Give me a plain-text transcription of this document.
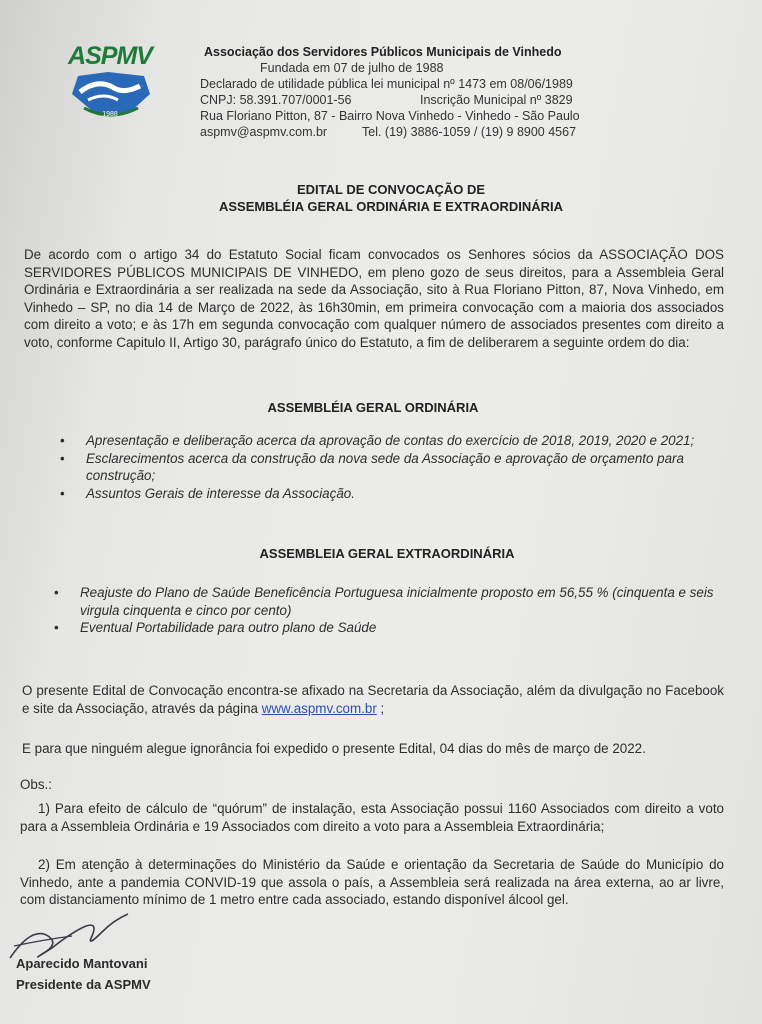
1988
ASPMV	Associação dos Servidores Públicos Municipais de Vinhedo
Fundada em 07 de julho de 1988
Declarado de utilidade pública lei municipal nº 1473 em 08/06/1989
CNPJ: 58.391.707/0001-56	Inscrição Municipal nº 3829
Rua Floriano Pitton, 87 - Bairro Nova Vinhedo - Vinhedo - São Paulo
aspmv@aspmv.com.br	Tel. (19) 3886-1059 / (19) 9 8900 4567
EDITAL DE CONVOCAÇÃO DE
ASSEMBLÉIA GERAL ORDINÁRIA E EXTRAORDINÁRIA
De acordo com o artigo 34 do Estatuto Social ficam convocados os Senhores sócios da ASSOCIAÇÃO DOS SERVIDORES PÚBLICOS MUNICIPAIS DE VINHEDO, em pleno gozo de seus direitos, para a Assembleia Geral Ordinária e Extraordinária a ser realizada na sede da Associação, sito à Rua Floriano Pitton, 87, Nova Vinhedo, em Vinhedo – SP, no dia 14 de Março de 2022, às 16h30min, em primeira convocação com a maioria dos associados com direito a voto; e às 17h em segunda convocação com qualquer número de associados presentes com direito a voto, conforme Capitulo II, Artigo 30, parágrafo único do Estatuto, a fim de deliberarem a seguinte ordem do dia:
ASSEMBLÉIA GERAL ORDINÁRIA
• Apresentação e deliberação acerca da aprovação de contas do exercício de 2018, 2019, 2020 e 2021;
• Esclarecimentos acerca da construção da nova sede da Associação e aprovação de orçamento para construção;
• Assuntos Gerais de interesse da Associação.
ASSEMBLEIA GERAL EXTRAORDINÁRIA
• Reajuste do Plano de Saúde Beneficência Portuguesa inicialmente proposto em 56,55 % (cinquenta e seis virgula cinquenta e cinco por cento)
• Eventual Portabilidade para outro plano de Saúde
O presente Edital de Convocação encontra-se afixado na Secretaria da Associação, além da divulgação no Facebook e site da Associação, através da página www.aspmv.com.br ;
E para que ninguém alegue ignorância foi expedido o presente Edital, 04 dias do mês de março de 2022.
Obs.:
1) Para efeito de cálculo de “quórum” de instalação, esta Associação possui 1160 Associados com direito a voto para a Assembleia Ordinária e 19 Associados com direito a voto para a Assembleia Extraordinária;
2) Em atenção à determinações do Ministério da Saúde e orientação da Secretaria de Saúde do Município do Vinhedo, ante a pandemia CONVID-19 que assola o país, a Assembleia será realizada na área externa, ao ar livre, com distanciamento mínimo de 1 metro entre cada associado, estando disponível álcool gel.
Aparecido Mantovani
Presidente da ASPMV
